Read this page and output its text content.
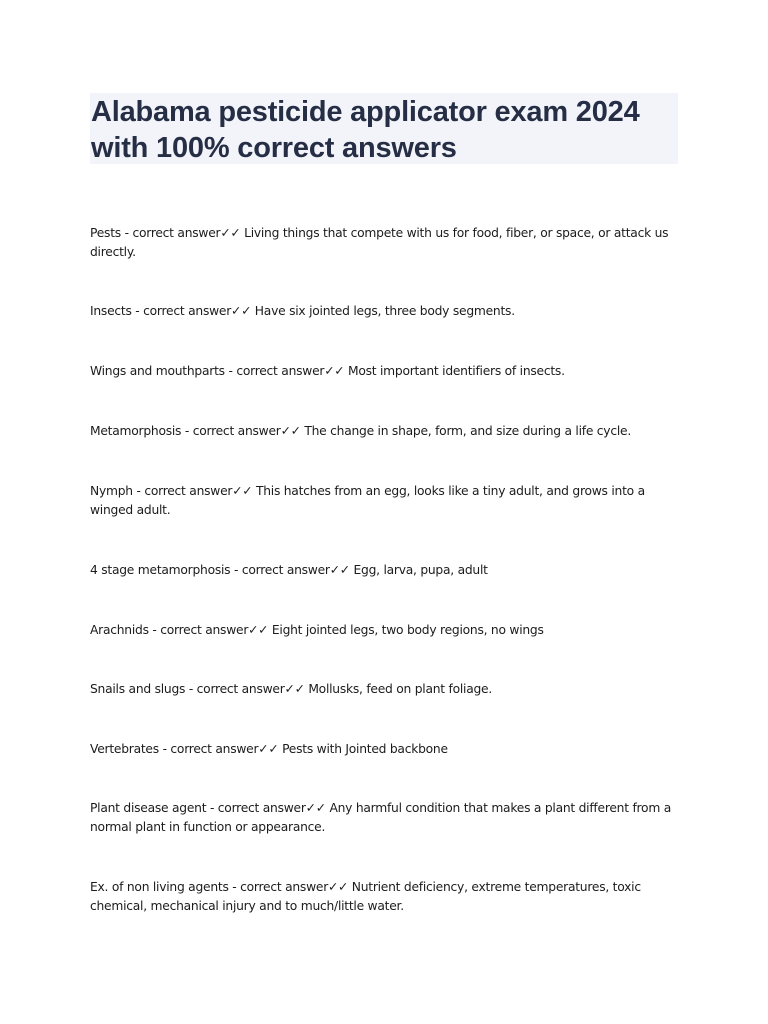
Alabama pesticide applicator exam 2024 with 100% correct answers

Pests - correct answer✓✓ Living things that compete with us for food, fiber, or space, or attack us directly.

Insects - correct answer✓✓ Have six jointed legs, three body segments.

Wings and mouthparts - correct answer✓✓ Most important identifiers of insects.

Metamorphosis - correct answer✓✓ The change in shape, form, and size during a life cycle.

Nymph - correct answer✓✓ This hatches from an egg, looks like a tiny adult, and grows into a winged adult.

4 stage metamorphosis - correct answer✓✓ Egg, larva, pupa, adult

Arachnids - correct answer✓✓ Eight jointed legs, two body regions, no wings

Snails and slugs - correct answer✓✓ Mollusks, feed on plant foliage.

Vertebrates - correct answer✓✓ Pests with Jointed backbone

Plant disease agent - correct answer✓✓ Any harmful condition that makes a plant different from a normal plant in function or appearance.

Ex. of non living agents - correct answer✓✓ Nutrient deficiency, extreme temperatures, toxic chemical, mechanical injury and to much/little water.
